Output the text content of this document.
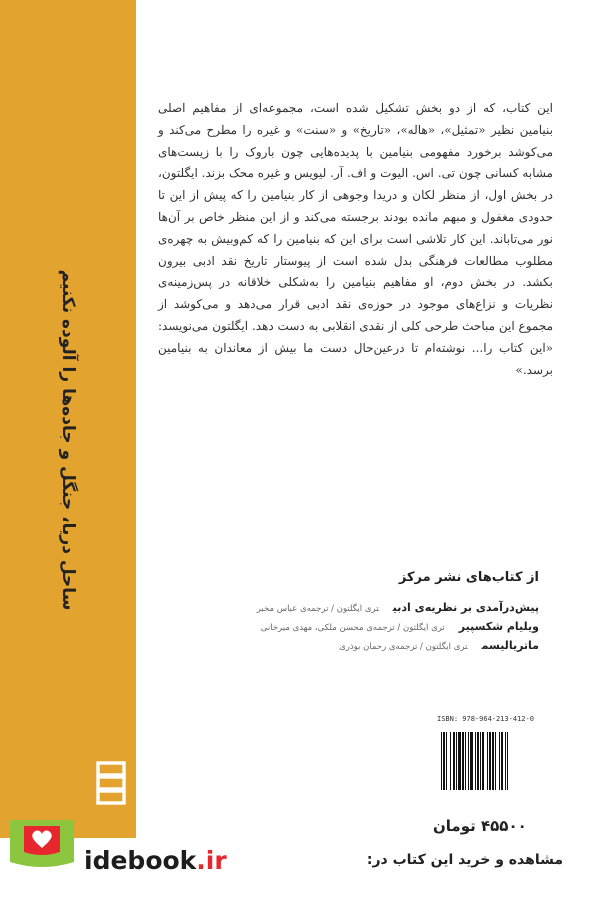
ساحل دریا، جنگل و جاده‌ها را آلوده نکنیم
این کتاب، که از دو بخش تشکیل شده است، مجموعه‌ای از مفاهیم اصلی بنیامین نظیر «تمثیل»، «هاله»، «تاریخ» و «سنت» و غیره را مطرح می‌کند و می‌کوشد برخورد مفهومی بنیامین با پدیده‌هایی چون باروک را با زیست‌های مشابه کسانی چون تی. اس. الیوت و اف. آر. لیویس و غیره محک بزند. ایگلتون، در بخش اول، از منظر لکان و دریدا وجوهی از کار بنیامین را که پیش از این تا حدودی مغفول و مبهم مانده بودند برجسته می‌کند و از این منظر خاص بر آن‌ها نور می‌تاباند. این کار تلاشی است برای این که بنیامین را که کم‌وبیش به چهره‌ی مطلوب مطالعات فرهنگی بدل شده است از پیوستار تاریخ نقد ادبی بیرون بکشد. در بخش دوم، او مفاهیم بنیامین را به‌شکلی خلاقانه در پس‌زمینه‌ی نظریات و نزاع‌های موجود در حوزه‌ی نقد ادبی قرار می‌دهد و می‌کوشد از مجموع این مباحث طرحی کلی از نقدی انقلابی به دست دهد. ایگلتون می‌نویسد: «این کتاب را... نوشته‌ام تا درعین‌حال دست ما بیش از معاندان به بنیامین برسد.»
از کتاب‌های نشر مرکز
پیش‌درآمدی بر نظریه‌ی ادبیتری ایگلتون / ترجمه‌ی عباس مخبر
ویلیام شکسپیرتری ایگلتون / ترجمه‌ی محسن ملکی، مهدی میرخانی
ماتریالیسمتری ایگلتون / ترجمه‌ی رحمان بوذری
ISBN: 978-964-213-412-0
۴۵۵۰۰ تومان
idebook.ir	مشاهده و خرید این کتاب در:
